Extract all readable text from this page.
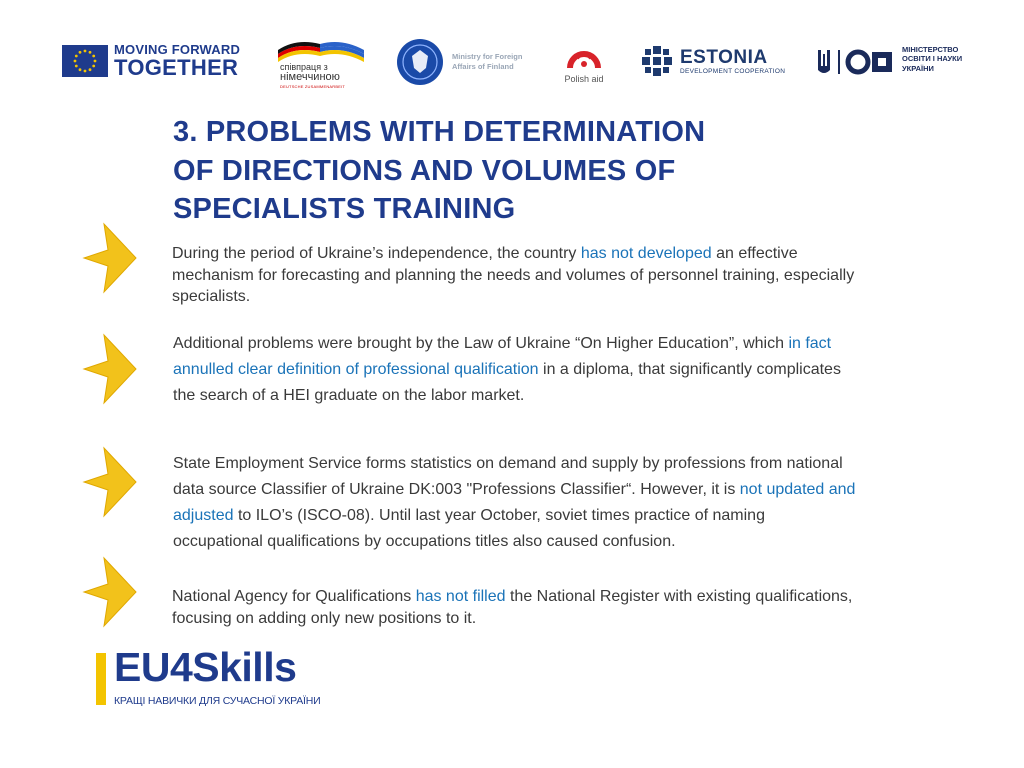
MOVING FORWARD
TOGETHER	співпраця з
німеччиною
DEUTSCHE ZUSAMMENARBEIT
Ministry for Foreign
Affairs of Finland
Polish aid
ESTONIA
DEVELOPMENT COOPERATION
МІНІСТЕРСТВО
ОСВІТИ І НАУКИ
УКРАЇНИ
3. PROBLEMS WITH DETERMINATION
OF DIRECTIONS AND VOLUMES OF
SPECIALISTS TRAINING

During the period of Ukraine’s independence, the country has not developed an effective
mechanism for forecasting and planning the needs and volumes of personnel training, especially
specialists.

Additional problems were brought by the Law of Ukraine “On Higher Education”, which in fact
annulled clear definition of professional qualification in a diploma, that significantly complicates
the search of a HEI graduate on the labor market.

State Employment Service forms statistics on demand and supply by professions from national
data source Classifier of Ukraine DK:003 "Professions Classifier“. However, it is not updated and
adjusted to ILO’s (ISCO-08). Until last year October, soviet times practice of naming
occupational qualifications by occupations titles also caused confusion.

National Agency for Qualifications has not filled the National Register with existing qualifications,
focusing on adding only new positions to it.

EU4Skills
КРАЩІ НАВИЧКИ ДЛЯ СУЧАСНОЇ УКРАЇНИ
